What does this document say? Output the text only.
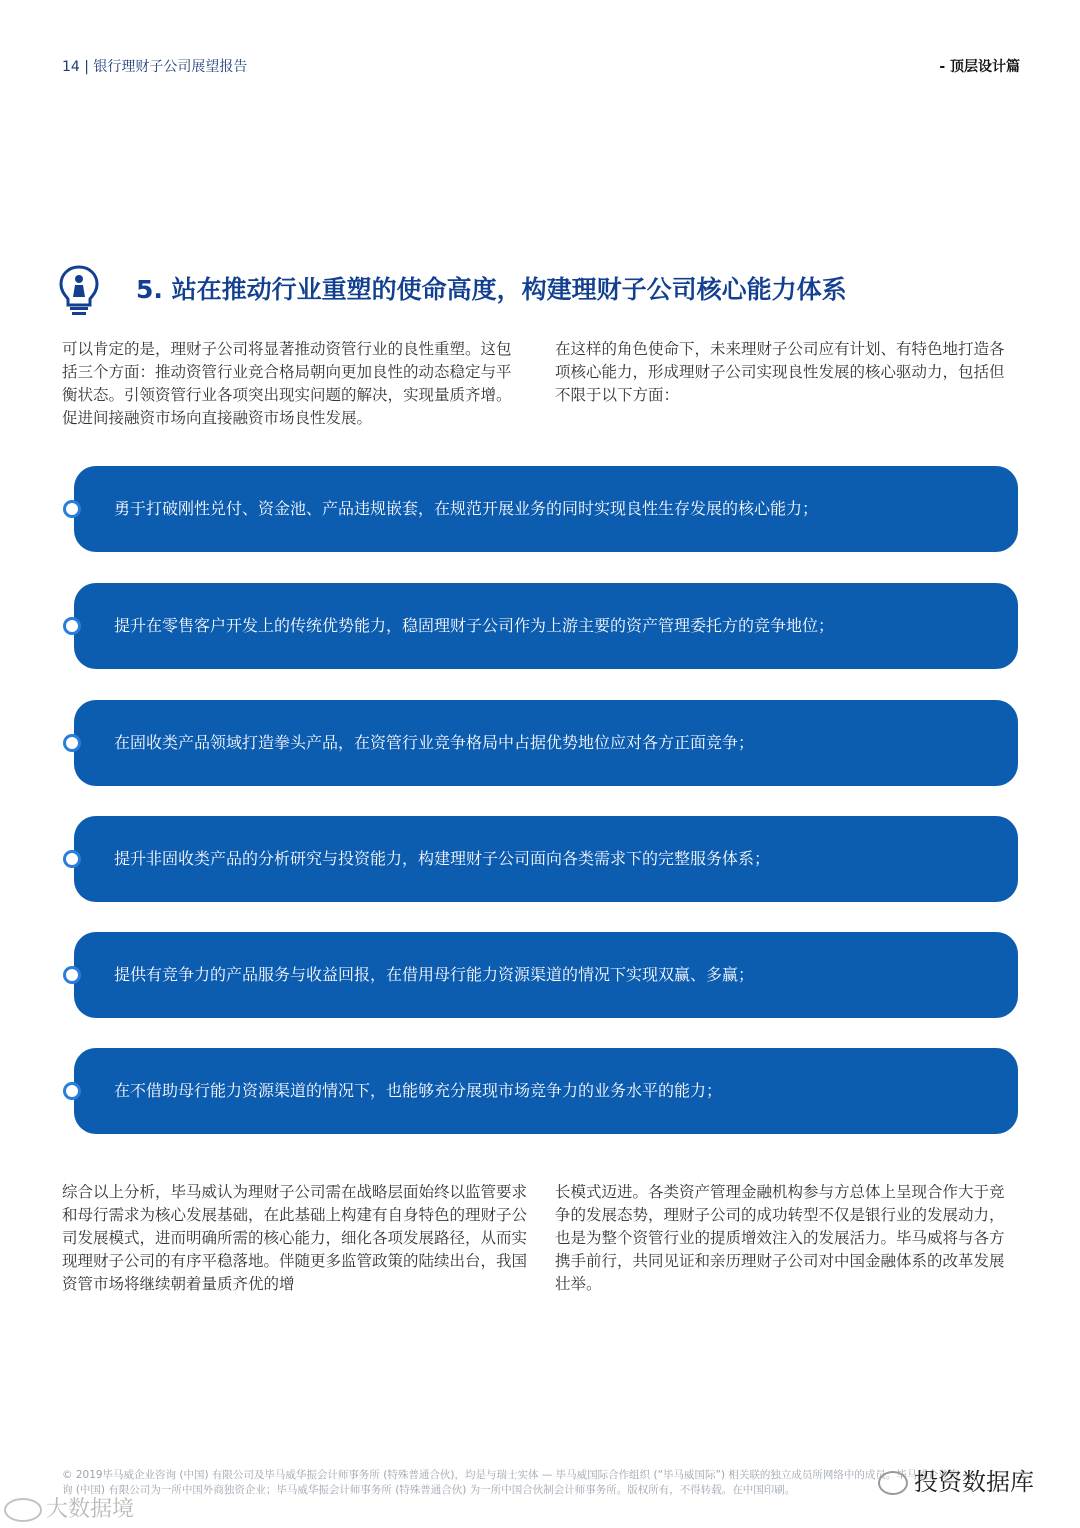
14 | 银行理财子公司展望报告	- 顶层设计篇
5. 站在推动行业重塑的使命高度，构建理财子公司核心能力体系
可以肯定的是，理财子公司将显著推动资管行业的良性重塑。这包括三个方面：推动资管行业竞合格局朝向更加良性的动态稳定与平衡状态。引领资管行业各项突出现实问题的解决，实现量质齐增。促进间接融资市场向直接融资市场良性发展。
在这样的角色使命下，未来理财子公司应有计划、有特色地打造各项核心能力，形成理财子公司实现良性发展的核心驱动力，包括但不限于以下方面：
勇于打破刚性兑付、资金池、产品违规嵌套，在规范开展业务的同时实现良性生存发展的核心能力；
提升在零售客户开发上的传统优势能力，稳固理财子公司作为上游主要的资产管理委托方的竞争地位；
在固收类产品领域打造拳头产品，在资管行业竞争格局中占据优势地位应对各方正面竞争；
提升非固收类产品的分析研究与投资能力，构建理财子公司面向各类需求下的完整服务体系；
提供有竞争力的产品服务与收益回报，在借用母行能力资源渠道的情况下实现双赢、多赢；
在不借助母行能力资源渠道的情况下，也能够充分展现市场竞争力的业务水平的能力；
综合以上分析，毕马威认为理财子公司需在战略层面始终以监管要求和母行需求为核心发展基础，在此基础上构建有自身特色的理财子公司发展模式，进而明确所需的核心能力，细化各项发展路径，从而实现理财子公司的有序平稳落地。伴随更多监管政策的陆续出台，我国资管市场将继续朝着量质齐优的增
长模式迈进。各类资产管理金融机构参与方总体上呈现合作大于竞争的发展态势，理财子公司的成功转型不仅是银行业的发展动力，也是为整个资管行业的提质增效注入的发展活力。毕马威将与各方携手前行，共同见证和亲历理财子公司对中国金融体系的改革发展壮举。
© 2019毕马威企业咨询 (中国) 有限公司及毕马威华振会计师事务所 (特殊普通合伙)，均是与瑞士实体 — 毕马威国际合作组织 (“毕马威国际”) 相关联的独立成员所网络中的成员。毕马威企业咨询 (中国) 有限公司为一所中国外商独资企业；毕马威华振会计师事务所 (特殊普通合伙) 为一所中国合伙制会计师事务所。版权所有，不得转载。在中国印刷。
大数据境
投资数据库
